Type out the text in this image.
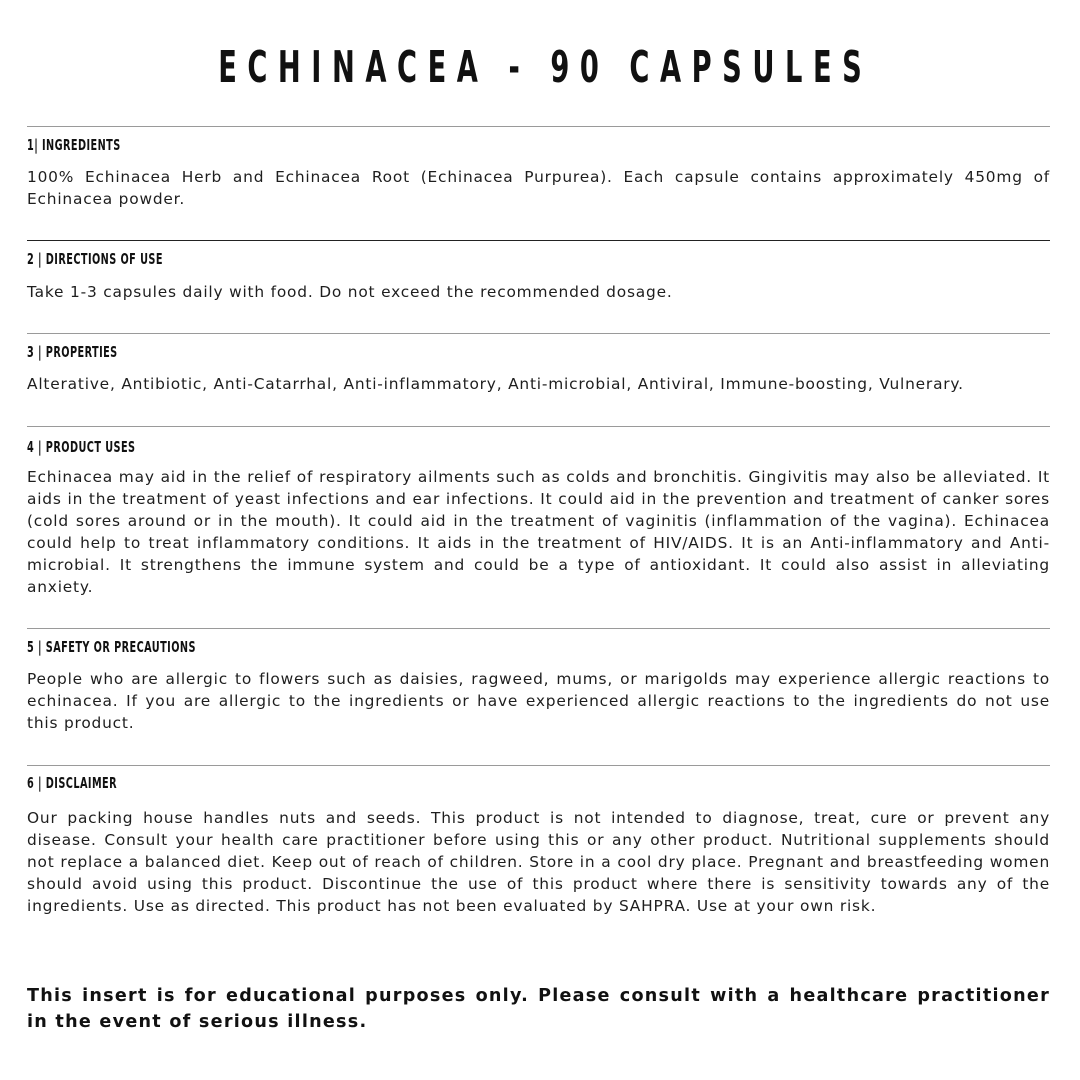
ECHINACEA - 90 CAPSULES
1| INGREDIENTS
100% Echinacea Herb and Echinacea Root (Echinacea Purpurea). Each capsule contains approximately 450mg of Echinacea powder.
2 | DIRECTIONS OF USE
Take 1-3 capsules daily with food. Do not exceed the recommended dosage.
3 | PROPERTIES
Alterative, Antibiotic, Anti-Catarrhal, Anti-inflammatory, Anti-microbial, Antiviral, Immune-boosting, Vulnerary.
4 | PRODUCT USES
Echinacea may aid in the relief of respiratory ailments such as colds and bronchitis. Gingivitis may also be alleviated. It aids in the treatment of yeast infections and ear infections. It could aid in the prevention and treatment of canker sores (cold sores around or in the mouth). It could aid in the treatment of vaginitis (inflammation of the vagina). Echinacea could help to treat inflammatory conditions. It aids in the treatment of HIV/AIDS. It is an Anti-inflammatory and Anti-microbial. It strengthens the immune system and could be a type of antioxidant. It could also assist in alleviating anxiety.
5 | SAFETY OR PRECAUTIONS
People who are allergic to flowers such as daisies, ragweed, mums, or marigolds may experience allergic reactions to echinacea. If you are allergic to the ingredients or have experienced allergic reactions to the ingredients do not use this product.
6 | DISCLAIMER
Our packing house handles nuts and seeds. This product is not intended to diagnose, treat, cure or prevent any disease. Consult your health care practitioner before using this or any other product. Nutritional supplements should not replace a balanced diet. Keep out of reach of children. Store in a cool dry place. Pregnant and breastfeeding women should avoid using this product. Discontinue the use of this product where there is sensitivity towards any of the ingredients. Use as directed. This product has not been evaluated by SAHPRA. Use at your own risk.
This insert is for educational purposes only. Please consult with a healthcare practitioner in the event of serious illness.
